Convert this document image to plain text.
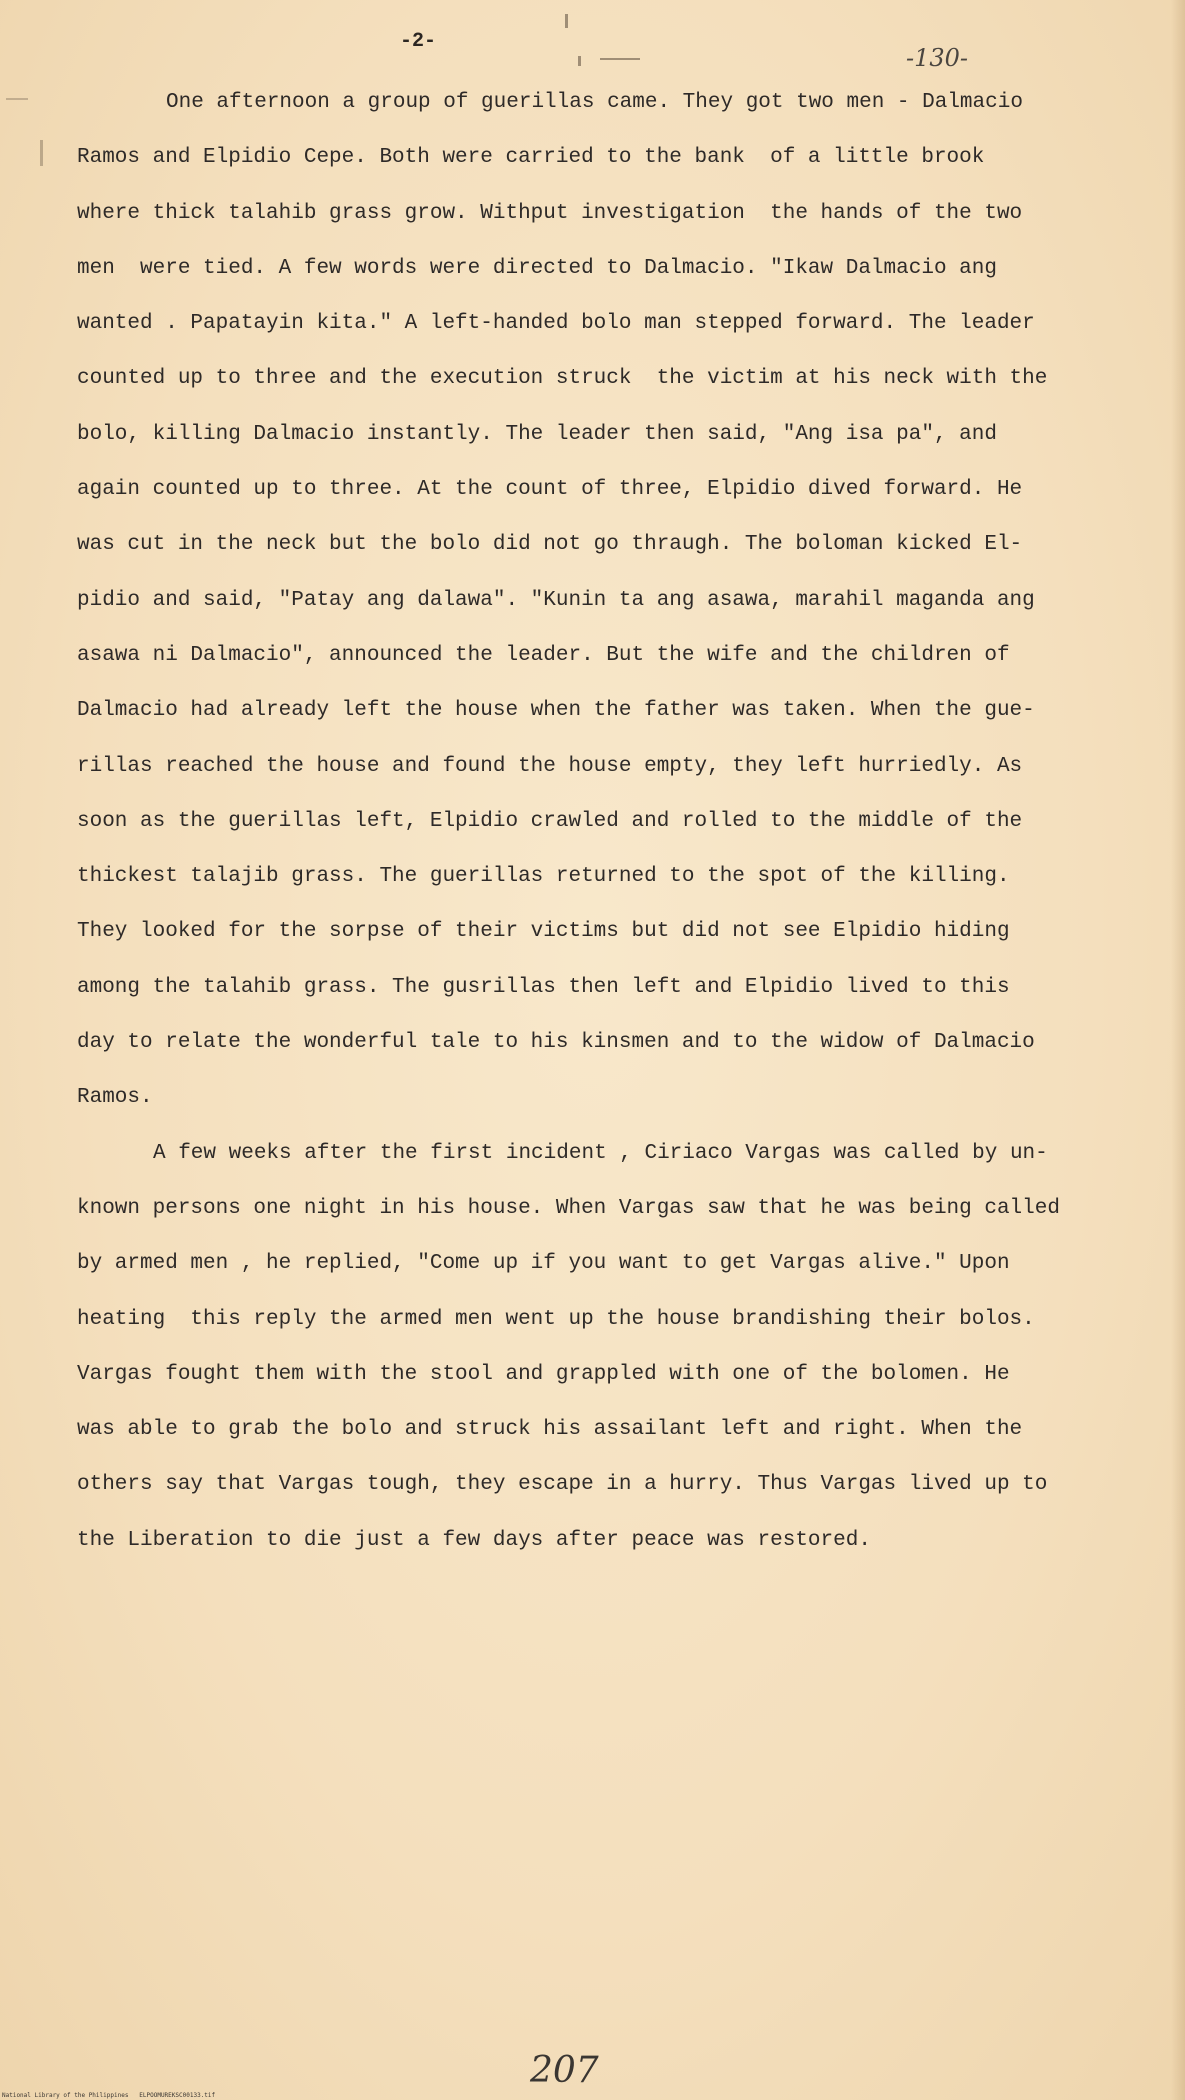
-2-
-130-
One afternoon a group of guerillas came. They got two men - Dalmacio
Ramos and Elpidio Cepe. Both were carried to the bank  of a little brook
where thick talahib grass grow. Withput investigation  the hands of the two
men  were tied. A few words were directed to Dalmacio. "Ikaw Dalmacio ang
wanted . Papatayin kita." A left-handed bolo man stepped forward. The leader
counted up to three and the execution struck  the victim at his neck with the
bolo, killing Dalmacio instantly. The leader then said, "Ang isa pa", and
again counted up to three. At the count of three, Elpidio dived forward. He
was cut in the neck but the bolo did not go thraugh. The boloman kicked El-
pidio and said, "Patay ang dalawa". "Kunin ta ang asawa, marahil maganda ang
asawa ni Dalmacio", announced the leader. But the wife and the children of
Dalmacio had already left the house when the father was taken. When the gue-
rillas reached the house and found the house empty, they left hurriedly. As
soon as the guerillas left, Elpidio crawled and rolled to the middle of the
thickest talajib grass. The guerillas returned to the spot of the killing.
They looked for the sorpse of their victims but did not see Elpidio hiding
among the talahib grass. The gusrillas then left and Elpidio lived to this
day to relate the wonderful tale to his kinsmen and to the widow of Dalmacio
Ramos.
A few weeks after the first incident , Ciriaco Vargas was called by un-
known persons one night in his house. When Vargas saw that he was being called
by armed men , he replied, "Come up if you want to get Vargas alive." Upon
heating  this reply the armed men went up the house brandishing their bolos.
Vargas fought them with the stool and grappled with one of the bolomen. He
was able to grab the bolo and struck his assailant left and right. When the
others say that Vargas tough, they escape in a hurry. Thus Vargas lived up to
the Liberation to die just a few days after peace was restored.
207
National Library of the Philippines   ELPOOMUREKSC00133.tif
